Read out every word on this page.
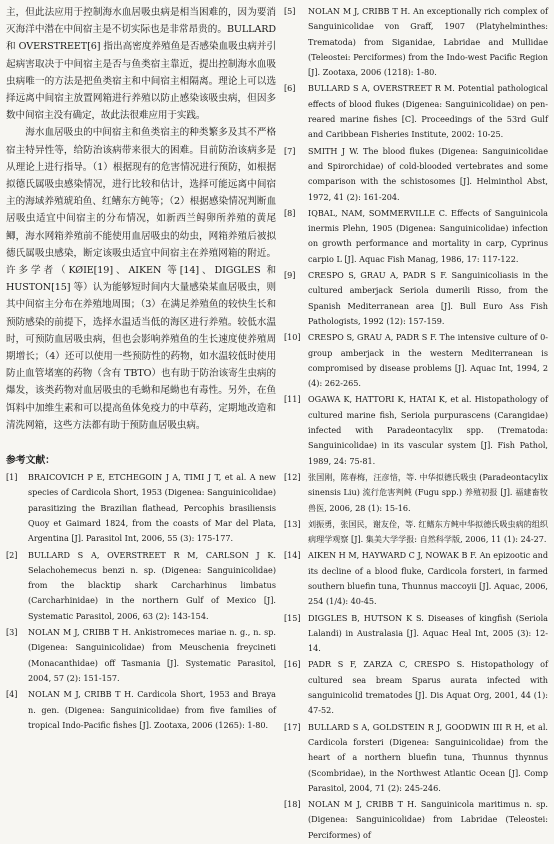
主，但此法应用于控制海水血居吸虫病是相当困难的，因为要消灭海洋中潜在中间宿主是不切实际也是非常昂贵的。BULLARD 和 OVERSTREET[6] 指出高密度养殖鱼是否感染血吸虫病并引起病害取决于中间宿主是否与鱼类宿主靠近，提出控制海水血吸虫病唯一的方法是把鱼类宿主和中间宿主相隔离。理论上可以选择远离中间宿主放置网箱进行养殖以防止感染该吸虫病，但因多数中间宿主没有确定，故此法很难应用于实践。

海水血居吸虫的中间宿主和鱼类宿主的种类繁多及其不严格宿主特异性等，给防治该病带来很大的困难。目前防治该病多是从理论上进行指导。（1）根据现有的危害情况进行预防，如根据拟德氏属吸虫感染情况，进行比较和估计，选择可能远离中间宿主的海域养殖琥珀鱼、红鳍东方鲀等；（2）根据感染情况判断血居吸虫适宜中间宿主的分布情况，如新西兰鲟卵所养殖的黄尾鲫，海水网箱养殖前不能使用血居吸虫的幼虫，网箱养殖后被拟德氏属吸虫感染，断定该吸虫适宜中间宿主在养殖网箱的附近。许多学者（KØIE[19]、AIKEN 等[14]、DIGGLES 和 HUSTON[15] 等）认为能够短时间内大量感染某血居吸虫，则其中间宿主分布在养殖地周围；（3）在满足养殖鱼的较快生长和预防感染的前提下，选择水温适当低的海区进行养殖。较低水温时，可预防血居吸虫病，但也会影响养殖鱼的生长速度使养殖周期增长；（4）还可以使用一些预防性的药物，如水温较低时使用防止血管堵塞的药物（含有 TBTO）也有助于防治该寄生虫病的爆发，该类药物对血居吸虫的毛蚴和尾蚴也有毒性。另外，在鱼饵料中加维生素和可以提高鱼体免疫力的中草药，定期地改造和清洗网箱，这些方法都有助于预防血居吸虫病。

参考文献：
[1]	BRAICOVICH P E, ETCHEGOIN J A, TIMI J T, et al. A new species of Cardicola Short, 1953 (Digenea: Sanguinicolidae) parasitizing the Brazilian flathead, Percophis brasiliensis Quoy et Gaimard 1824, from the coasts of Mar del Plata, Argentina [J]. Parasitol Int, 2006, 55 (3): 175-177.
[2]	BULLARD S A, OVERSTREET R M, CARLSON J K. Selachohemecus benzi n. sp. (Digenea: Sanguinicolidae) from the blacktip shark Carcharhinus limbatus (Carcharhinidae) in the northern Gulf of Mexico [J]. Systematic Parasitol, 2006, 63 (2): 143-154.
[3]	NOLAN M J, CRIBB T H. Ankistromeces mariae n. g., n. sp. (Digenea: Sanguinicolidae) from Meuschenia freycineti (Monacanthidae) off Tasmania [J]. Systematic Parasitol, 2004, 57 (2): 151-157.
[4]	NOLAN M J, CRIBB T H. Cardicola Short, 1953 and Braya n. gen. (Digenea: Sanguinicolidae) from five families of tropical Indo-Pacific fishes [J]. Zootaxa, 2006 (1265): 1-80.
[5]	NOLAN M J, CRIBB T H. An exceptionally rich complex of Sanguinicolidae von Graff, 1907 (Platyhelminthes: Trematoda) from Siganidae, Labridae and Mullidae (Teleostei: Perciformes) from the Indo-west Pacific Region [J]. Zootaxa, 2006 (1218): 1-80.
[6]	BULLARD S A, OVERSTREET R M. Potential pathological effects of blood flukes (Digenea: Sanguinicolidae) on pen-reared marine fishes [C]. Proceedings of the 53rd Gulf and Caribbean Fisheries Institute, 2002: 10-25.
[7]	SMITH J W. The blood flukes (Digenea: Sanguinicolidae and Spirorchidae) of cold-blooded vertebrates and some comparison with the schistosomes [J]. Helminthol Abst, 1972, 41 (2): 161-204.
[8]	IQBAL, NAM, SOMMERVILLE C. Effects of Sanguinicola inermis Plehn, 1905 (Digenea: Sanguinicolidae) infection on growth performance and mortality in carp, Cyprinus carpio L [J]. Aquac Fish Manag, 1986, 17: 117-122.
[9]	CRESPO S, GRAU A, PADR S F. Sanguinicoliasis in the cultured amberjack Seriola dumerili Risso, from the Spanish Mediterranean area [J]. Bull Euro Ass Fish Pathologists, 1992 (12): 157-159.
[10] CRESPO S, GRAU A, PADR S F. The intensive culture of 0-group amberjack in the western Mediterranean is compromised by disease problems [J]. Aquac Int, 1994, 2 (4): 262-265.
[11] OGAWA K, HATTORI K, HATAI K, et al. Histopathology of cultured marine fish, Seriola purpurascens (Carangidae) infected with Paradeontacylix spp. (Trematoda: Sanguinicolidae) in its vascular system [J]. Fish Pathol, 1989, 24: 75-81.
[12] 张国刚，陈春梅，汪彦愔，等. 中华拟德氏吸虫 (Paradeontacylix sinensis Liu) 流行危害判鲀 (Fugu spp.) 养殖初报 [J]. 福建畜牧兽医, 2006, 28 (1): 15-16.
[13] 刘振勇，张国民，谢友佺，等. 红鳍东方鲀中华拟德氏吸虫病的组织病理学观察 [J]. 集美大学学报: 自然科学版, 2006, 11 (1): 24-27.
[14] AIKEN H M, HAYWARD C J, NOWAK B F. An epizootic and its decline of a blood fluke, Cardicola forsteri, in farmed southern bluefin tuna, Thunnus maccoyii [J]. Aquac, 2006, 254 (1/4): 40-45.
[15] DIGGLES B, HUTSON K S. Diseases of kingfish (Seriola Lalandi) in Australasia [J]. Aquac Heal Int, 2005 (3): 12-14.
[16] PADR S F, ZARZA C, CRESPO S. Histopathology of cultured sea bream Sparus aurata infected with sanguinicolid trematodes [J]. Dis Aquat Org, 2001, 44 (1): 47-52.
[17] BULLARD S A, GOLDSTEIN R J, GOODWIN III R H, et al. Cardicola forsteri (Digenea: Sanguinicolidae) from the heart of a northern bluefin tuna, Thunnus thynnus (Scombridae), in the Northwest Atlantic Ocean [J]. Comp Parasitol, 2004, 71 (2): 245-246.
[18] NOLAN M J, CRIBB T H. Sanguinicola maritimus n. sp. (Digenea: Sanguinicolidae) from Labridae (Teleostei: Perciformes) of
